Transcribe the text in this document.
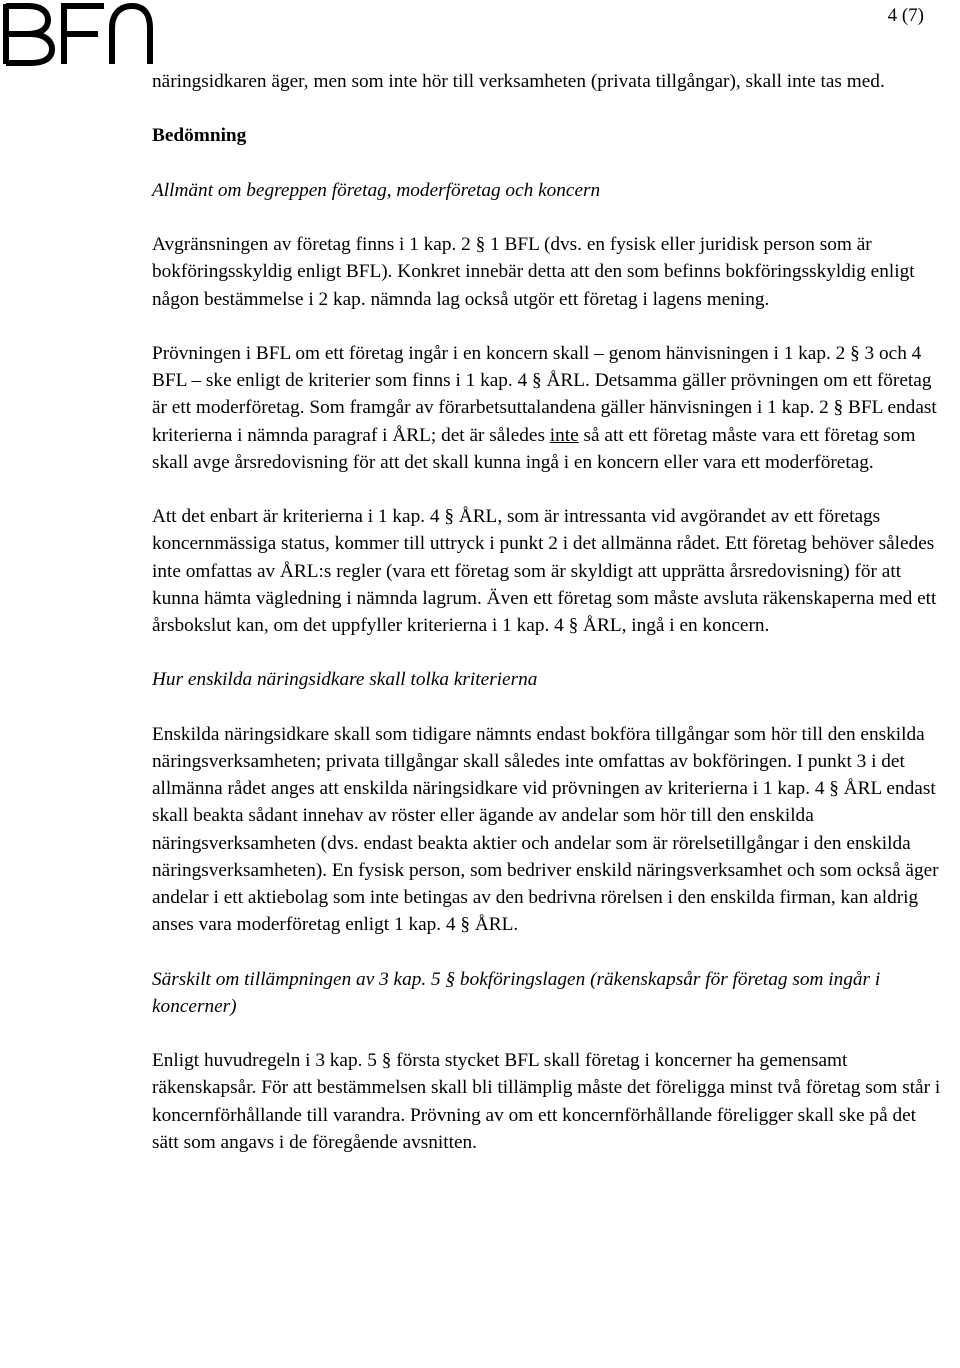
4 (7)

näringsidkaren äger, men som inte hör till verksamheten (privata tillgångar), skall inte tas med.

Bedömning

Allmänt om begreppen företag, moderföretag och koncern

Avgränsningen av företag finns i 1 kap. 2 § 1 BFL (dvs. en fysisk eller juridisk person som är bokföringsskyldig enligt BFL). Konkret innebär detta att den som befinns bokföringsskyldig enligt någon bestämmelse i 2 kap. nämnda lag också utgör ett företag i lagens mening.

Prövningen i BFL om ett företag ingår i en koncern skall – genom hänvisningen i 1 kap. 2 § 3 och 4 BFL – ske enligt de kriterier som finns i 1 kap. 4 § ÅRL. Detsamma gäller prövningen om ett företag är ett moderföretag. Som framgår av förarbetsuttalandena gäller hänvisningen i 1 kap. 2 § BFL endast kriterierna i nämnda paragraf i ÅRL; det är således inte så att ett företag måste vara ett företag som skall avge årsredovisning för att det skall kunna ingå i en koncern eller vara ett moderföretag.

Att det enbart är kriterierna i 1 kap. 4 § ÅRL, som är intressanta vid avgörandet av ett företags koncernmässiga status, kommer till uttryck i punkt 2 i det allmänna rådet. Ett företag behöver således inte omfattas av ÅRL:s regler (vara ett företag som är skyldigt att upprätta årsredovisning) för att kunna hämta vägledning i nämnda lagrum. Även ett företag som måste avsluta räkenskaperna med ett årsbokslut kan, om det uppfyller kriterierna i 1 kap. 4 § ÅRL, ingå i en koncern.

Hur enskilda näringsidkare skall tolka kriterierna

Enskilda näringsidkare skall som tidigare nämnts endast bokföra tillgångar som hör till den enskilda näringsverksamheten; privata tillgångar skall således inte omfattas av bokföringen. I punkt 3 i det allmänna rådet anges att enskilda näringsidkare vid prövningen av kriterierna i 1 kap. 4 § ÅRL endast skall beakta sådant innehav av röster eller ägande av andelar som hör till den enskilda näringsverksamheten (dvs. endast beakta aktier och andelar som är rörelsetillgångar i den enskilda näringsverksamheten). En fysisk person, som bedriver enskild näringsverksamhet och som också äger andelar i ett aktiebolag som inte betingas av den bedrivna rörelsen i den enskilda firman, kan aldrig anses vara moderföretag enligt 1 kap. 4 § ÅRL.

Särskilt om tillämpningen av 3 kap. 5 § bokföringslagen (räkenskapsår för företag som ingår i koncerner)

Enligt huvudregeln i 3 kap. 5 § första stycket BFL skall företag i koncerner ha gemensamt räkenskapsår. För att bestämmelsen skall bli tillämplig måste det föreligga minst två företag som står i koncernförhållande till varandra. Prövning av om ett koncernförhållande föreligger skall ske på det sätt som angavs i de föregående avsnitten.
